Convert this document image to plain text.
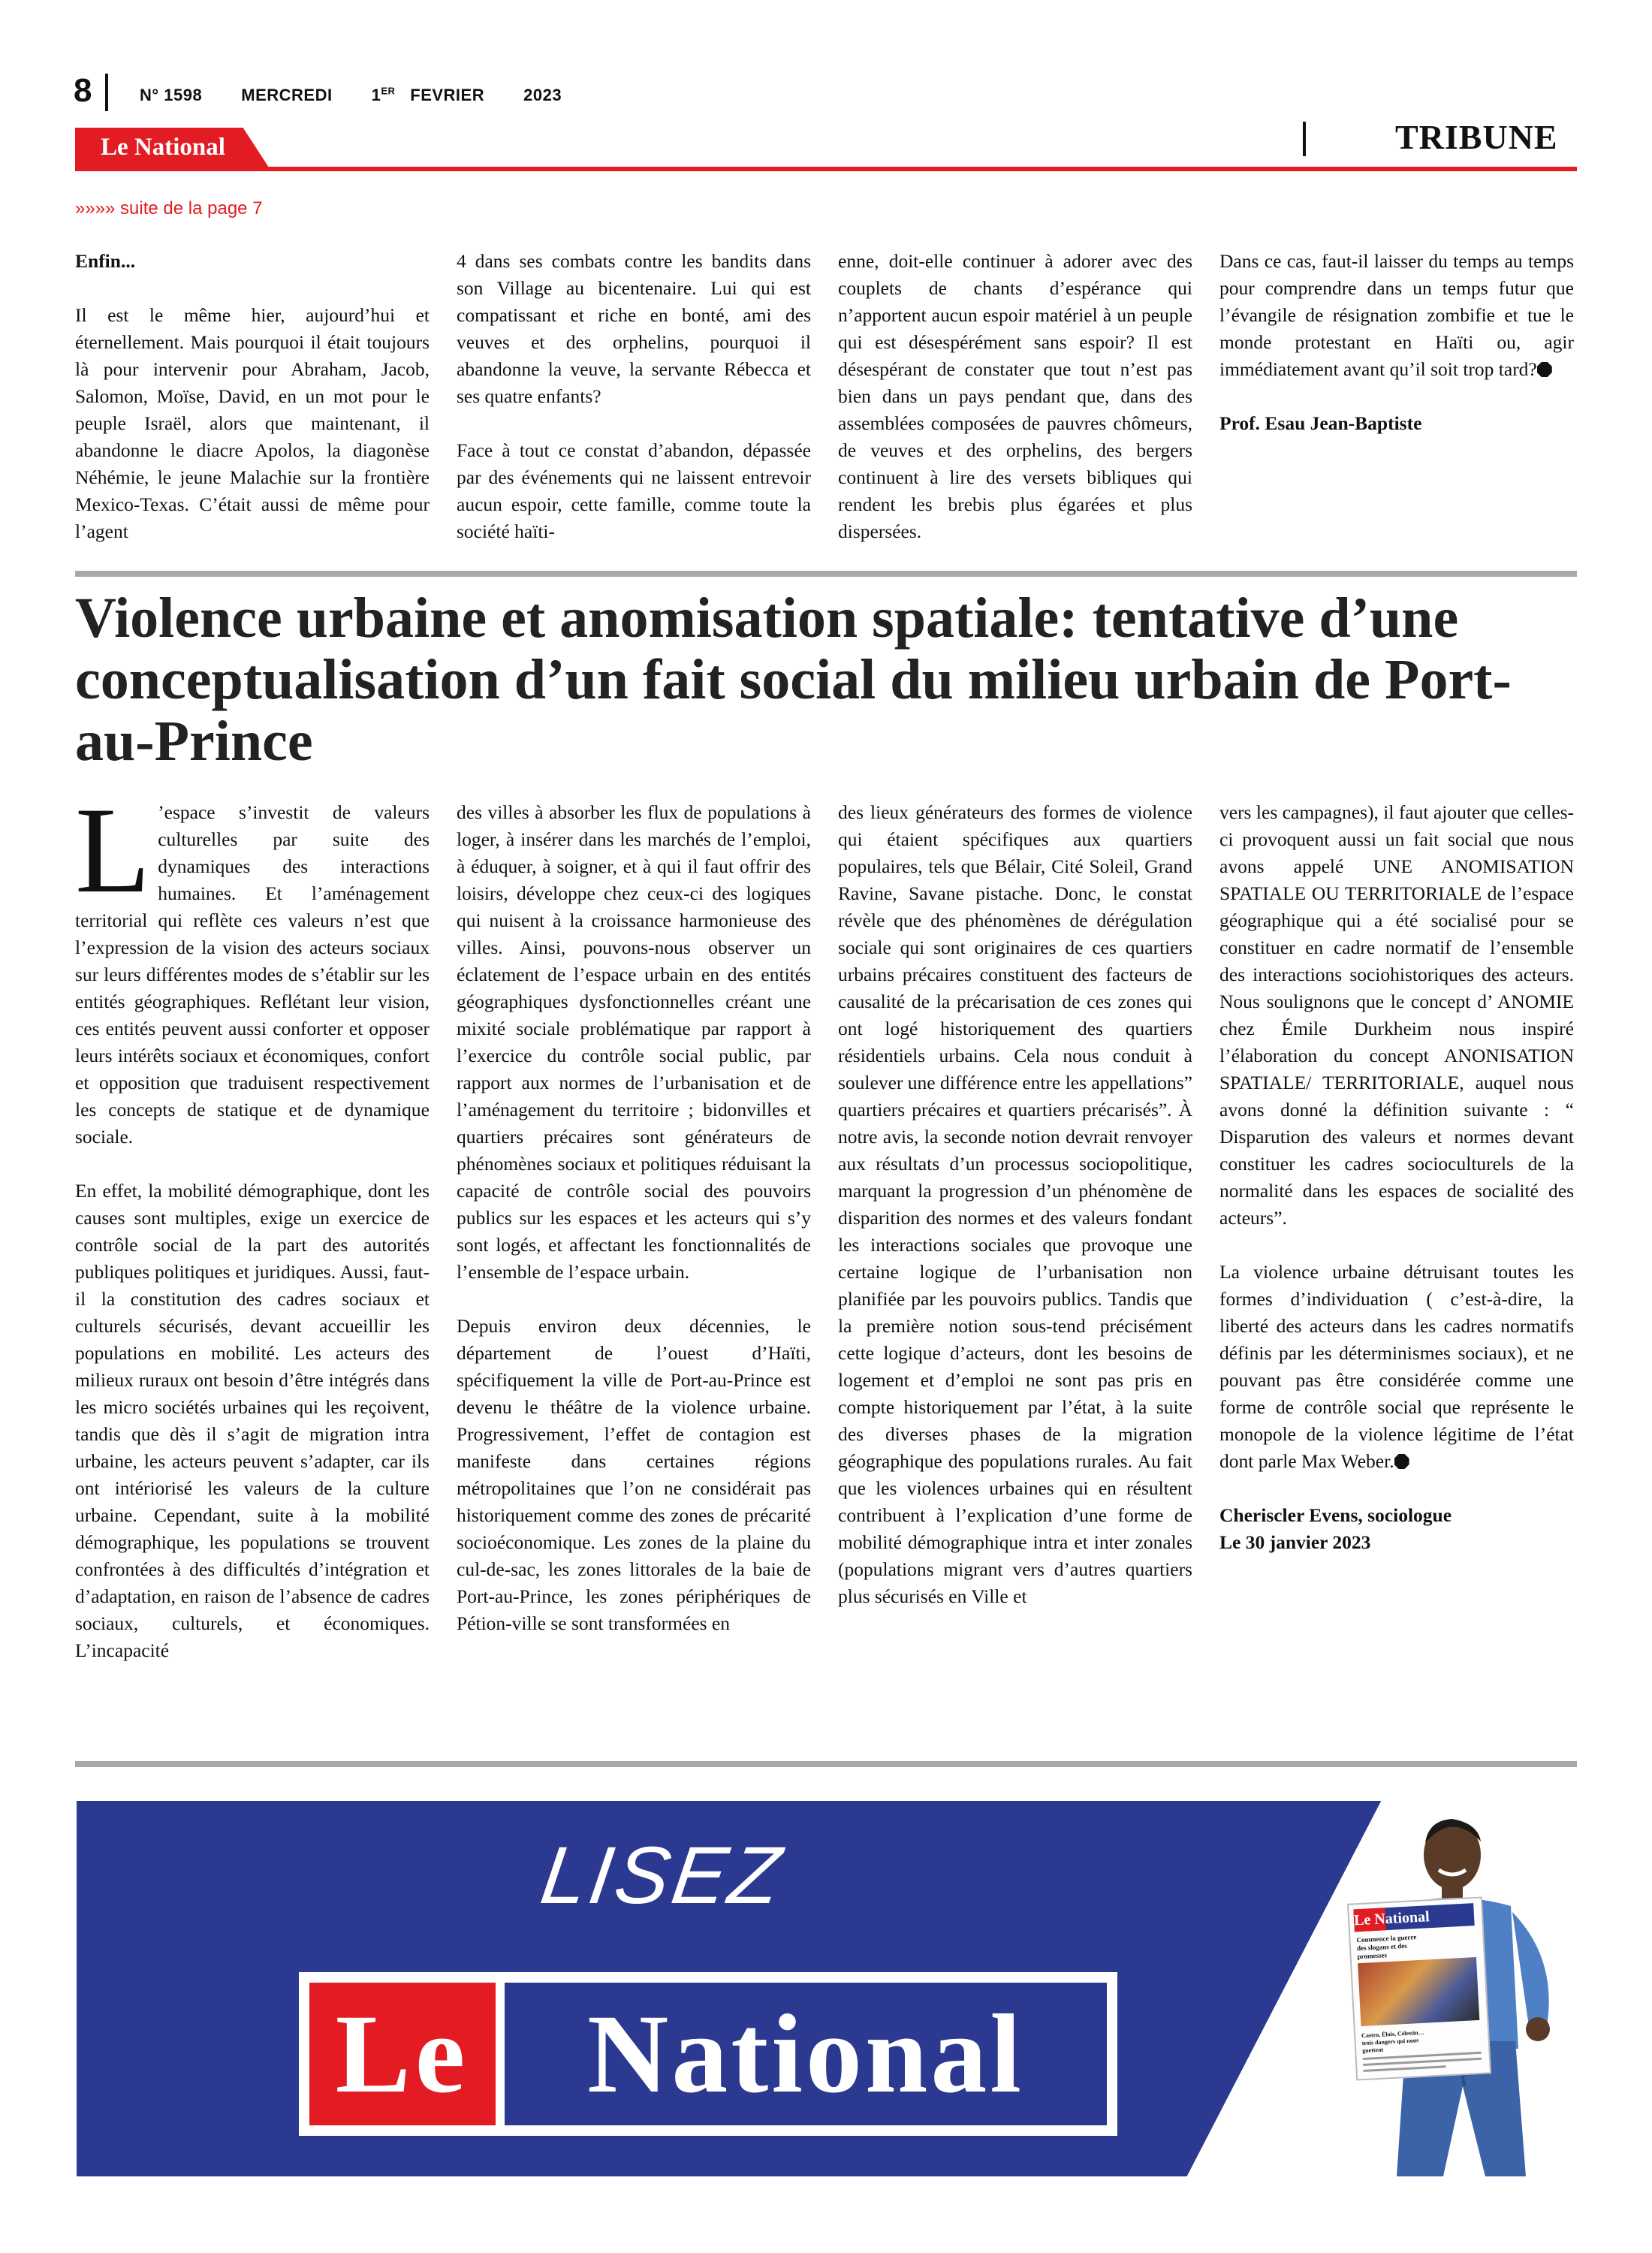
8	N° 1598 MERCREDI 1ER FEVRIER 2023
Le National	TRIBUNE
»»»» suite de la page 7

Enfin...

Il est le même hier, aujourd’hui et éternellement. Mais pourquoi il était toujours là pour intervenir pour Abraham, Jacob, Salomon, Moïse, David, en un mot pour le peuple Israël, alors que maintenant, il abandonne le diacre Apolos, la diagonèse Néhémie, le jeune Malachie sur la frontière Mexico-Texas. C’était aussi de même pour l’agent

4 dans ses combats contre les bandits dans son Village au bicentenaire. Lui qui est compatissant et riche en bonté, ami des veuves et des orphelins, pourquoi il abandonne la veuve, la servante Rébecca et ses quatre enfants?

Face à tout ce constat d’abandon, dépassée par des événements qui ne laissent entrevoir aucun espoir, cette famille, comme toute la société haïti-

enne, doit-elle continuer à adorer avec des couplets de chants d’espérance qui n’apportent aucun espoir matériel à un peuple qui est désespérément sans espoir? Il est désespérant de constater que tout n’est pas bien dans un pays pendant que, dans des assemblées composées de pauvres chômeurs, de veuves et des orphelins, des bergers continuent à lire des versets bibliques qui rendent les brebis plus égarées et plus dispersées.

Dans ce cas, faut-il laisser du temps au temps pour comprendre dans un temps futur que l’évangile de résignation zombifie et tue le monde protestant en Haïti ou, agir immédiatement avant qu’il soit trop tard?

Prof. Esau Jean-Baptiste

Violence urbaine et anomisation spatiale: tentative d’une conceptualisation d’un fait social du milieu urbain de Port-au-Prince

L ’espace s’investit de valeurs culturelles par suite des dynamiques des interactions humaines. Et l’aménagement territorial qui reflète ces valeurs n’est que l’expression de la vision des acteurs sociaux sur leurs différentes modes de s’établir sur les entités géographiques. Reflétant leur vision, ces entités peuvent aussi conforter et opposer leurs intérêts sociaux et économiques, confort et opposition que traduisent respectivement les concepts de statique et de dynamique sociale.

En effet, la mobilité démographique, dont les causes sont multiples, exige un exercice de contrôle social de la part des autorités publiques politiques et juridiques. Aussi, faut-il la constitution des cadres sociaux et culturels sécurisés, devant accueillir les populations en mobilité. Les acteurs des milieux ruraux ont besoin d’être intégrés dans les micro sociétés urbaines qui les reçoivent, tandis que dès il s’agit de migration intra urbaine, les acteurs peuvent s’adapter, car ils ont intériorisé les valeurs de la culture urbaine. Cependant, suite à la mobilité démographique, les populations se trouvent confrontées à des difficultés d’intégration et d’adaptation, en raison de l’absence de cadres sociaux, culturels, et économiques. L’incapacité

des villes à absorber les flux de populations à loger, à insérer dans les marchés de l’emploi, à éduquer, à soigner, et à qui il faut offrir des loisirs, développe chez ceux-ci des logiques qui nuisent à la croissance harmonieuse des villes. Ainsi, pouvons-nous observer un éclatement de l’espace urbain en des entités géographiques dysfonctionnelles créant une mixité sociale problématique par rapport à l’exercice du contrôle social public, par rapport aux normes de l’urbanisation et de l’aménagement du territoire ; bidonvilles et quartiers précaires sont générateurs de phénomènes sociaux et politiques réduisant la capacité de contrôle social des pouvoirs publics sur les espaces et les acteurs qui s’y sont logés, et affectant les fonctionnalités de l’ensemble de l’espace urbain.

Depuis environ deux décennies, le département de l’ouest d’Haïti, spécifiquement la ville de Port-au-Prince est devenu le théâtre de la violence urbaine. Progressivement, l’effet de contagion est manifeste dans certaines régions métropolitaines que l’on ne considérait pas historiquement comme des zones de précarité socioéconomique. Les zones de la plaine du cul-de-sac, les zones littorales de la baie de Port-au-Prince, les zones périphériques de Pétion-ville se sont transformées en

des lieux générateurs des formes de violence qui étaient spécifiques aux quartiers populaires, tels que Bélair, Cité Soleil, Grand Ravine, Savane pistache. Donc, le constat révèle que des phénomènes de dérégulation sociale qui sont originaires de ces quartiers urbains précaires constituent des facteurs de causalité de la précarisation de ces zones qui ont logé historiquement des quartiers résidentiels urbains. Cela nous conduit à soulever une différence entre les appellations” quartiers précaires et quartiers précarisés”. À notre avis, la seconde notion devrait renvoyer aux résultats d’un processus sociopolitique, marquant la progression d’un phénomène de disparition des normes et des valeurs fondant les interactions sociales que provoque une certaine logique de l’urbanisation non planifiée par les pouvoirs publics. Tandis que la première notion sous-tend précisément cette logique d’acteurs, dont les besoins de logement et d’emploi ne sont pas pris en compte historiquement par l’état, à la suite des diverses phases de la migration géographique des populations rurales. Au fait que les violences urbaines qui en résultent contribuent à l’explication d’une forme de mobilité démographique intra et inter zonales (populations migrant vers d’autres quartiers plus sécurisés en Ville et

vers les campagnes), il faut ajouter que celles-ci provoquent aussi un fait social que nous avons appelé UNE ANOMISATION SPATIALE OU TERRITORIALE de l’espace géographique qui a été socialisé pour se constituer en cadre normatif de l’ensemble des interactions sociohistoriques des acteurs. Nous soulignons que le concept d’ ANOMIE chez Émile Durkheim nous inspiré l’élaboration du concept ANONISATION SPATIALE/ TERRITORIALE, auquel nous avons donné la définition suivante : “ Disparution des valeurs et normes devant constituer les cadres socioculturels de la normalité dans les espaces de socialité des acteurs”.

La violence urbaine détruisant toutes les formes d’individuation ( c’est-à-dire, la liberté des acteurs dans les cadres normatifs définis par les déterminismes sociaux), et ne pouvant pas être considérée comme une forme de contrôle social que représente le monopole de la violence légitime de l’état dont parle Max Weber.

Cheriscler Evens, sociologue
Le 30 janvier 2023

LISEZ
Le National
Le National
Commence la guerre des slogans et des promesses
Castro, Élois, Célestin… trois dangers qui nous guettent
